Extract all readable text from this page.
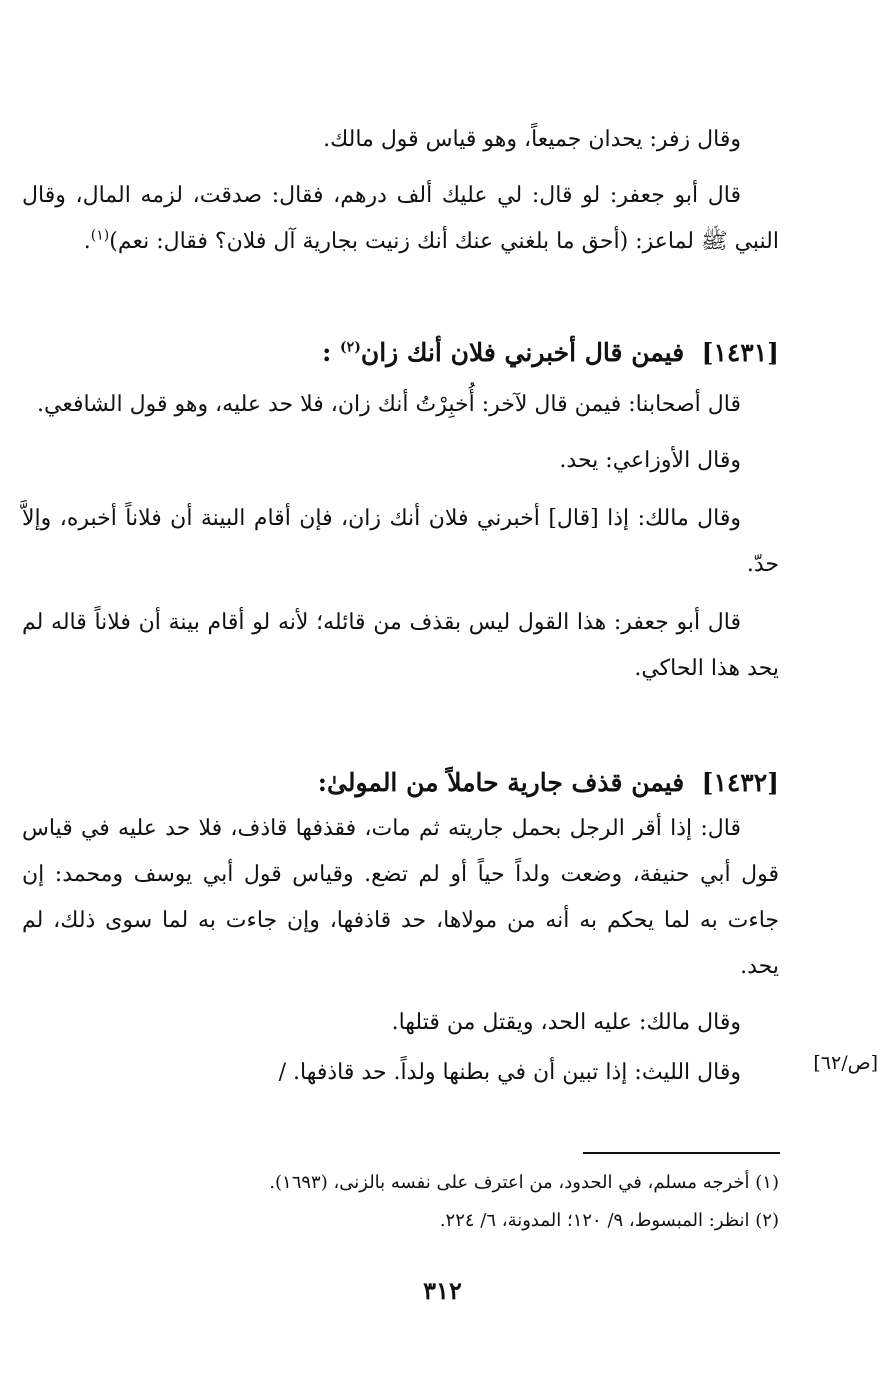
وقال زفر: يحدان جميعاً، وهو قياس قول مالك.

قال أبو جعفر: لو قال: لي عليك ألف درهم، فقال: صدقت، لزمه المال، وقال النبي ﷺ لماعز: (أحق ما بلغني عنك أنك زنيت بجارية آل فلان؟ فقال: نعم)$^{(١)}$.

[١٤٣١]  فيمن قال أخبرني فلان أنك زان$^{(٢)}$ :

قال أصحابنا: فيمن قال لآخر: أُخبِرْتُ أنك زان، فلا حد عليه، وهو قول الشافعي.

وقال الأوزاعي: يحد.

وقال مالك: إذا [قال] أخبرني فلان أنك زان، فإن أقام البينة أن فلاناً أخبره، وإلاَّ حدّ.

قال أبو جعفر: هذا القول ليس بقذف من قائله؛ لأنه لو أقام بينة أن فلاناً قاله لم يحد هذا الحاكي.

[١٤٣٢]  فيمن قذف جارية حاملاً من المولىٰ:

قال: إذا أقر الرجل بحمل جاريته ثم مات، فقذفها قاذف، فلا حد عليه في قياس قول أبي حنيفة، وضعت ولداً حياً أو لم تضع. وقياس قول أبي يوسف ومحمد: إن جاءت به لما يحكم به أنه من مولاها، حد قاذفها، وإن جاءت به لما سوى ذلك، لم يحد.

وقال مالك: عليه الحد، ويقتل من قتلها.

وقال الليث: إذا تبين أن في بطنها ولداً. حد قاذفها. /	[ص/٦٢]
(١) أخرجه مسلم، في الحدود، من اعترف على نفسه بالزنى، (١٦٩٣).
(٢) انظر: المبسوط، ٩/ ١٢٠؛ المدونة، ٦/ ٢٢٤.
٣١٢
